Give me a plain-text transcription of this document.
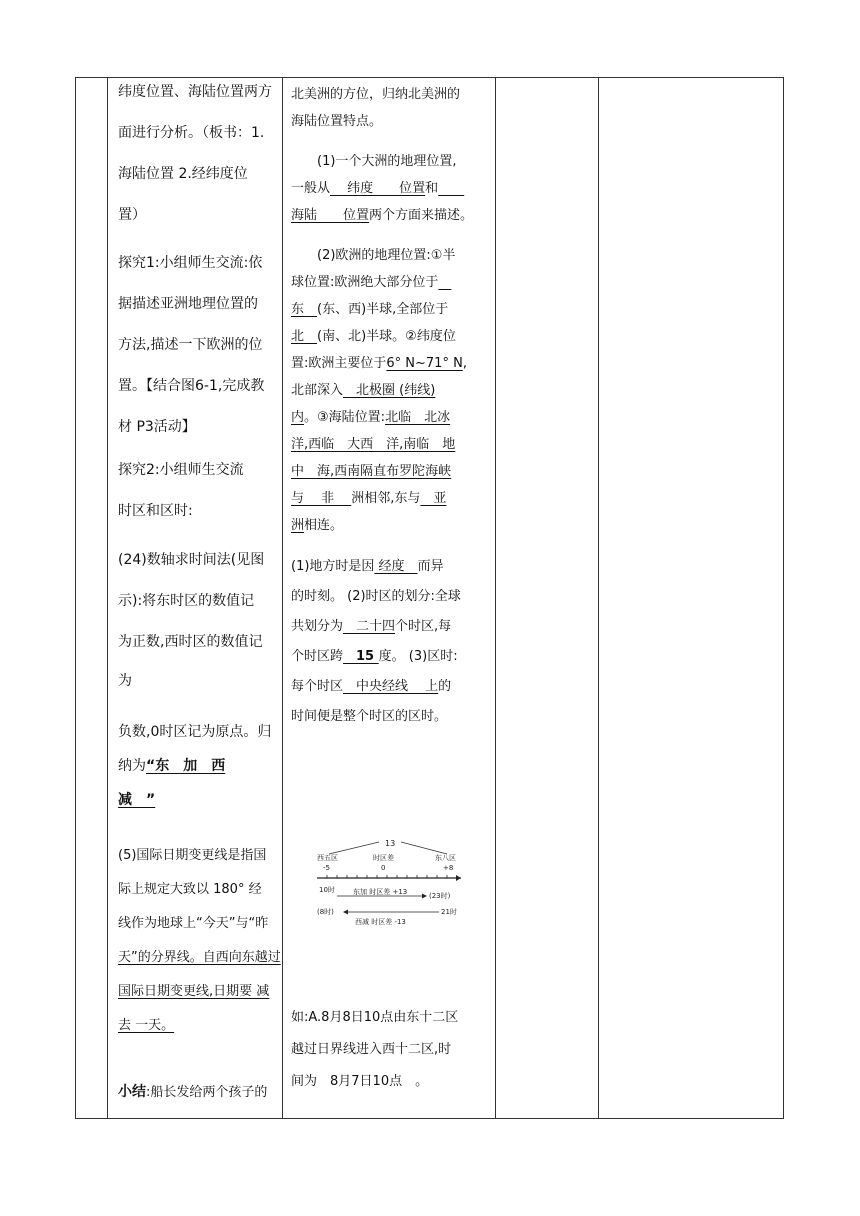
纬度位置、海陆位置两方

面进行分析。（板书：1.

海陆位置 2.经纬度位

置）

探究1:小组师生交流:依

据描述亚洲地理位置的

方法,描述一下欧洲的位

置。【结合图6-1,完成教

材 P3活动】

探究2:小组师生交流

时区和区时:

(24)数轴求时间法(见图

示):将东时区的数值记

为正数,西时区的数值记

为

负数,0时区记为原点。归

纳为“东　加　西

减　”

(5)国际日期变更线是指国

际上规定大致以 180° 经

线作为地球上“今天”与“昨

天”的分界线。自西向东越过

国际日期变更线,日期要 减

去 一天。

小结:船长发给两个孩子的

北美洲的方位，归纳北美洲的

海陆位置特点。

(1)一个大洲的地理位置,

一般从　 纬度　　位置和　　

海陆　　位置两个方面来描述。

(2)欧洲的地理位置:①半

球位置:欧洲绝大部分位于　

东　(东、西)半球,全部位于

北　(南、北)半球。②纬度位

置:欧洲主要位于6° N~71° N,

北部深入　北极圈 (纬线)

内。③海陆位置:北临　北冰

洋,西临　大西　洋,南临　地

中　海,西南隔直布罗陀海峡

与　 非　 洲相邻,东与　亚

洲相连。

(1)地方时是因 经度　而异

的时刻。 (2)时区的划分:全球

共划分为　二十四个时区,每

个时区跨　15 度。 (3)区时:

每个时区　中央经线　 上的

时间便是整个时区的区时。

13
西五区	时区差	东八区
-5	0	+8
10时	东加 时区差 +13	(23时)
(8时)	21时
西减 时区差 -13

如:A.8月8日10点由东十二区

越过日界线进入西十二区,时

间为　8月7日10点　。
